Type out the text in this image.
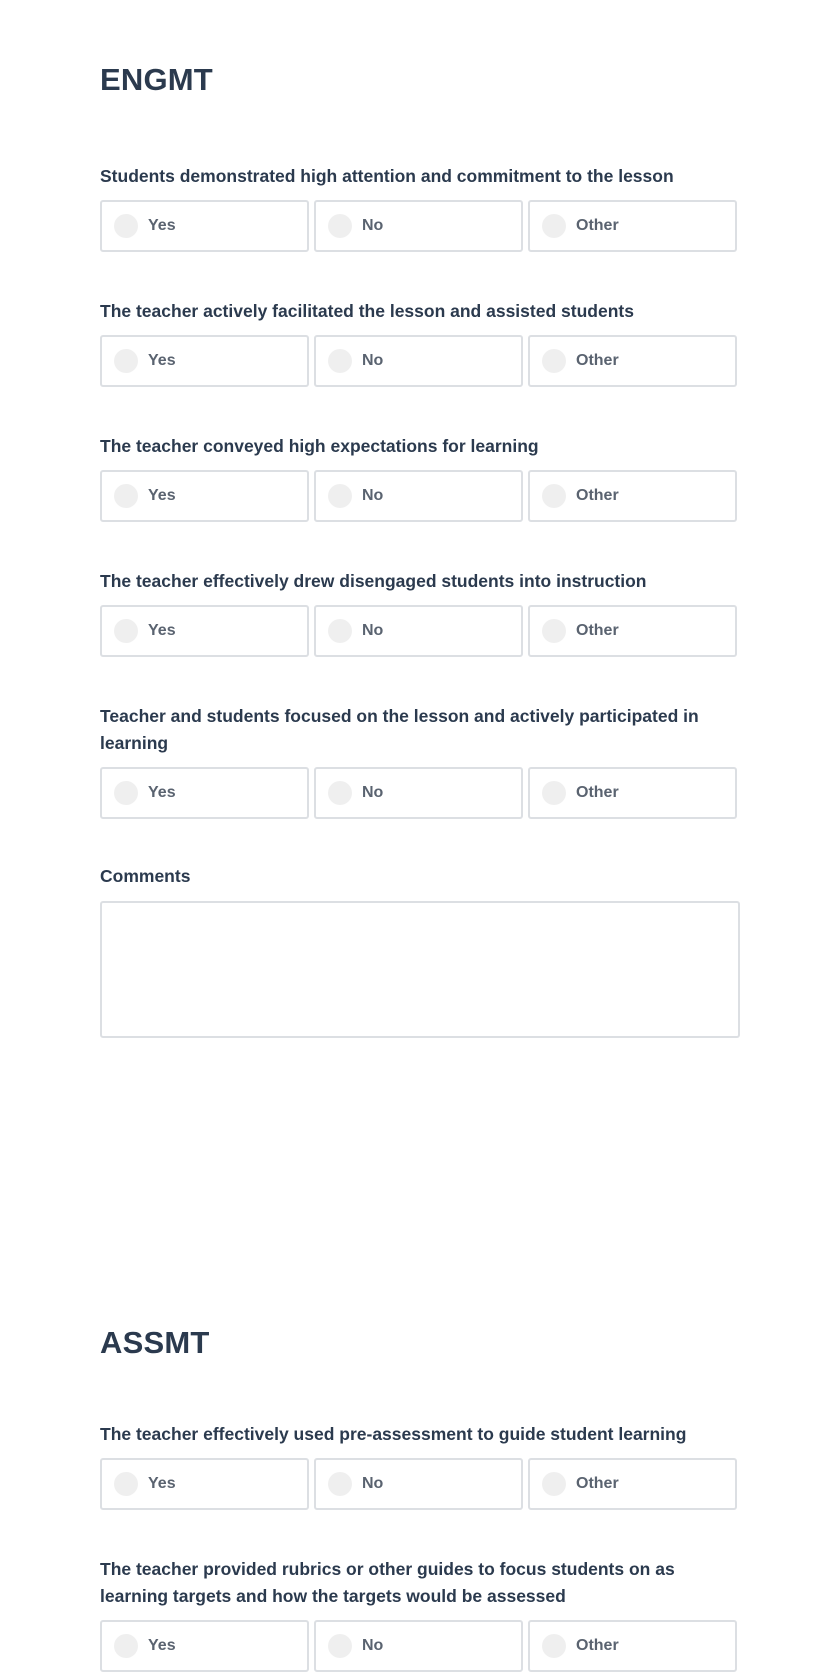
ENGMT

Students demonstrated high attention and commitment to the lesson

Yes	No	Other

The teacher actively facilitated the lesson and assisted students

Yes	No	Other

The teacher conveyed high expectations for learning

Yes	No	Other

The teacher effectively drew disengaged students into instruction

Yes	No	Other

Teacher and students focused on the lesson and actively participated in learning

Yes	No	Other

Comments

ASSMT

The teacher effectively used pre-assessment to guide student learning

Yes	No	Other

The teacher provided rubrics or other guides to focus students on as learning targets and how the targets would be assessed

Yes	No	Other
